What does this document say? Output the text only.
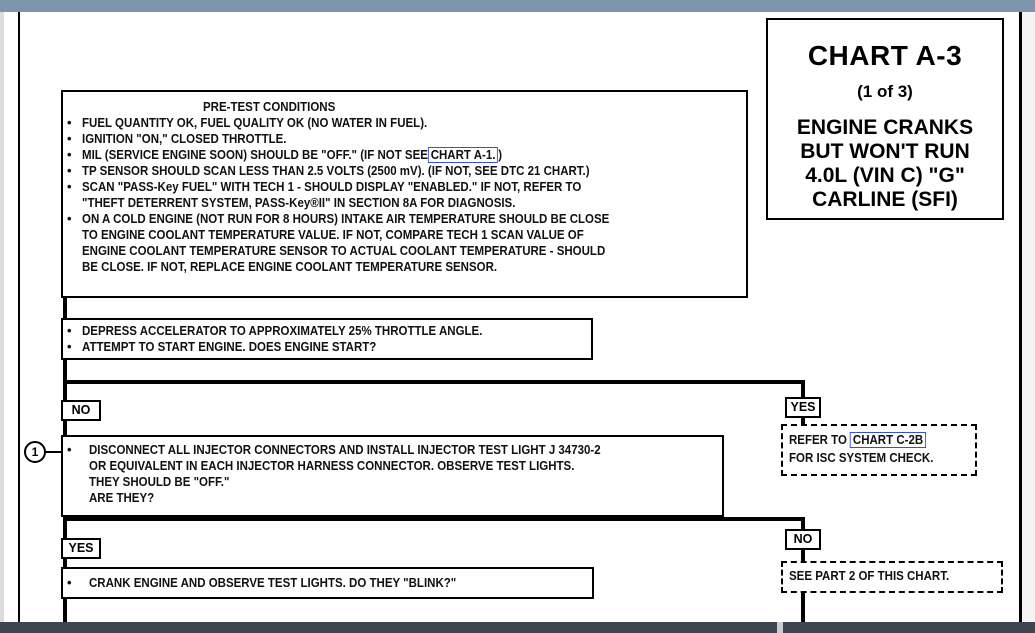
CHART A-3
(1 of 3)
ENGINE CRANKS
BUT WON'T RUN
4.0L (VIN C) "G"
CARLINE (SFI)
PRE-TEST CONDITIONS
• FUEL QUANTITY OK, FUEL QUALITY OK (NO WATER IN FUEL).
• IGNITION "ON," CLOSED THROTTLE.
• MIL (SERVICE ENGINE SOON) SHOULD BE "OFF." (IF NOT SEE CHART A-1. )
• TP SENSOR SHOULD SCAN LESS THAN 2.5 VOLTS (2500 mV). (IF NOT, SEE DTC 21 CHART.)
• SCAN "PASS-Key FUEL" WITH TECH 1 - SHOULD DISPLAY "ENABLED." IF NOT, REFER TO
"THEFT DETERRENT SYSTEM, PASS-Key®II" IN SECTION 8A FOR DIAGNOSIS.
• ON A COLD ENGINE (NOT RUN FOR 8 HOURS) INTAKE AIR TEMPERATURE SHOULD BE CLOSE
TO ENGINE COOLANT TEMPERATURE VALUE. IF NOT, COMPARE TECH 1 SCAN VALUE OF
ENGINE COOLANT TEMPERATURE SENSOR TO ACTUAL COOLANT TEMPERATURE - SHOULD
BE CLOSE. IF NOT, REPLACE ENGINE COOLANT TEMPERATURE SENSOR.
• DEPRESS ACCELERATOR TO APPROXIMATELY 25% THROTTLE ANGLE.
• ATTEMPT TO START ENGINE. DOES ENGINE START?
NO	YES
REFER TO CHART C-2B
FOR ISC SYSTEM CHECK.
1	• DISCONNECT ALL INJECTOR CONNECTORS AND INSTALL INJECTOR TEST LIGHT J 34730-2
OR EQUIVALENT IN EACH INJECTOR HARNESS CONNECTOR. OBSERVE TEST LIGHTS.
THEY SHOULD BE "OFF."
ARE THEY?
YES
NO
SEE PART 2 OF THIS CHART.
• CRANK ENGINE AND OBSERVE TEST LIGHTS. DO THEY "BLINK?"
